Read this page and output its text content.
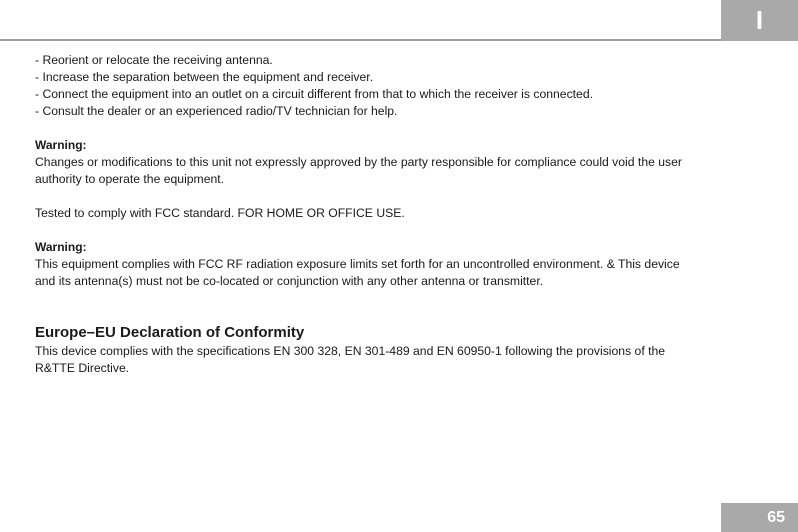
I
- Reorient or relocate the receiving antenna.
- Increase the separation between the equipment and receiver.
- Connect the equipment into an outlet on a circuit different from that to which the receiver is connected.
- Consult the dealer or an experienced radio/TV technician for help.
Warning:
Changes or modifications to this unit not expressly approved by the party responsible for compliance could void the user
authority to operate the equipment.
Tested to comply with FCC standard. FOR HOME OR OFFICE USE.
Warning:
This equipment complies with FCC RF radiation exposure limits set forth for an uncontrolled environment. & This device
and its antenna(s) must not be co-located or conjunction with any other antenna or transmitter.
Europe–EU Declaration of Conformity
This device complies with the specifications EN 300 328, EN 301-489 and EN 60950-1 following the provisions of the
R&TTE Directive.
65
